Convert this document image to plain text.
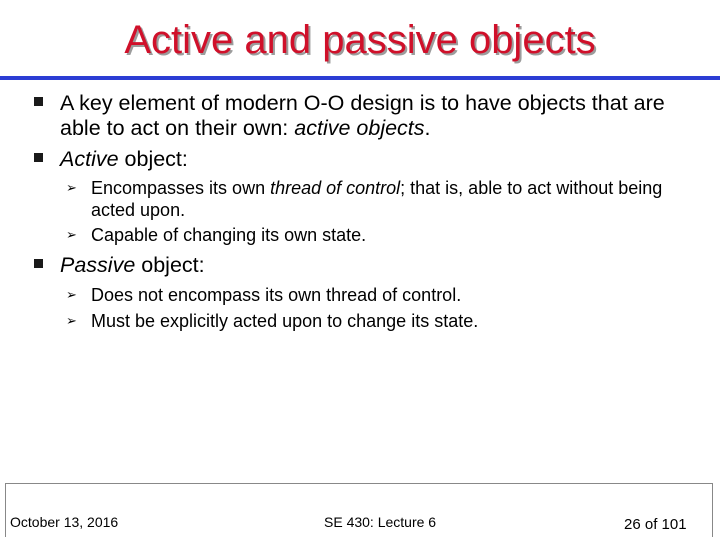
Active and passive objects
A key element of modern O-O design is to have objects that are able to act on their own: active objects.
Active object:
➢ Encompasses its own thread of control; that is, able to act without being acted upon.
➢ Capable of changing its own state.
Passive object:
➢ Does not encompass its own thread of control.
➢ Must be explicitly acted upon to change its state.
October 13, 2016	SE 430: Lecture 6	26 of 101
